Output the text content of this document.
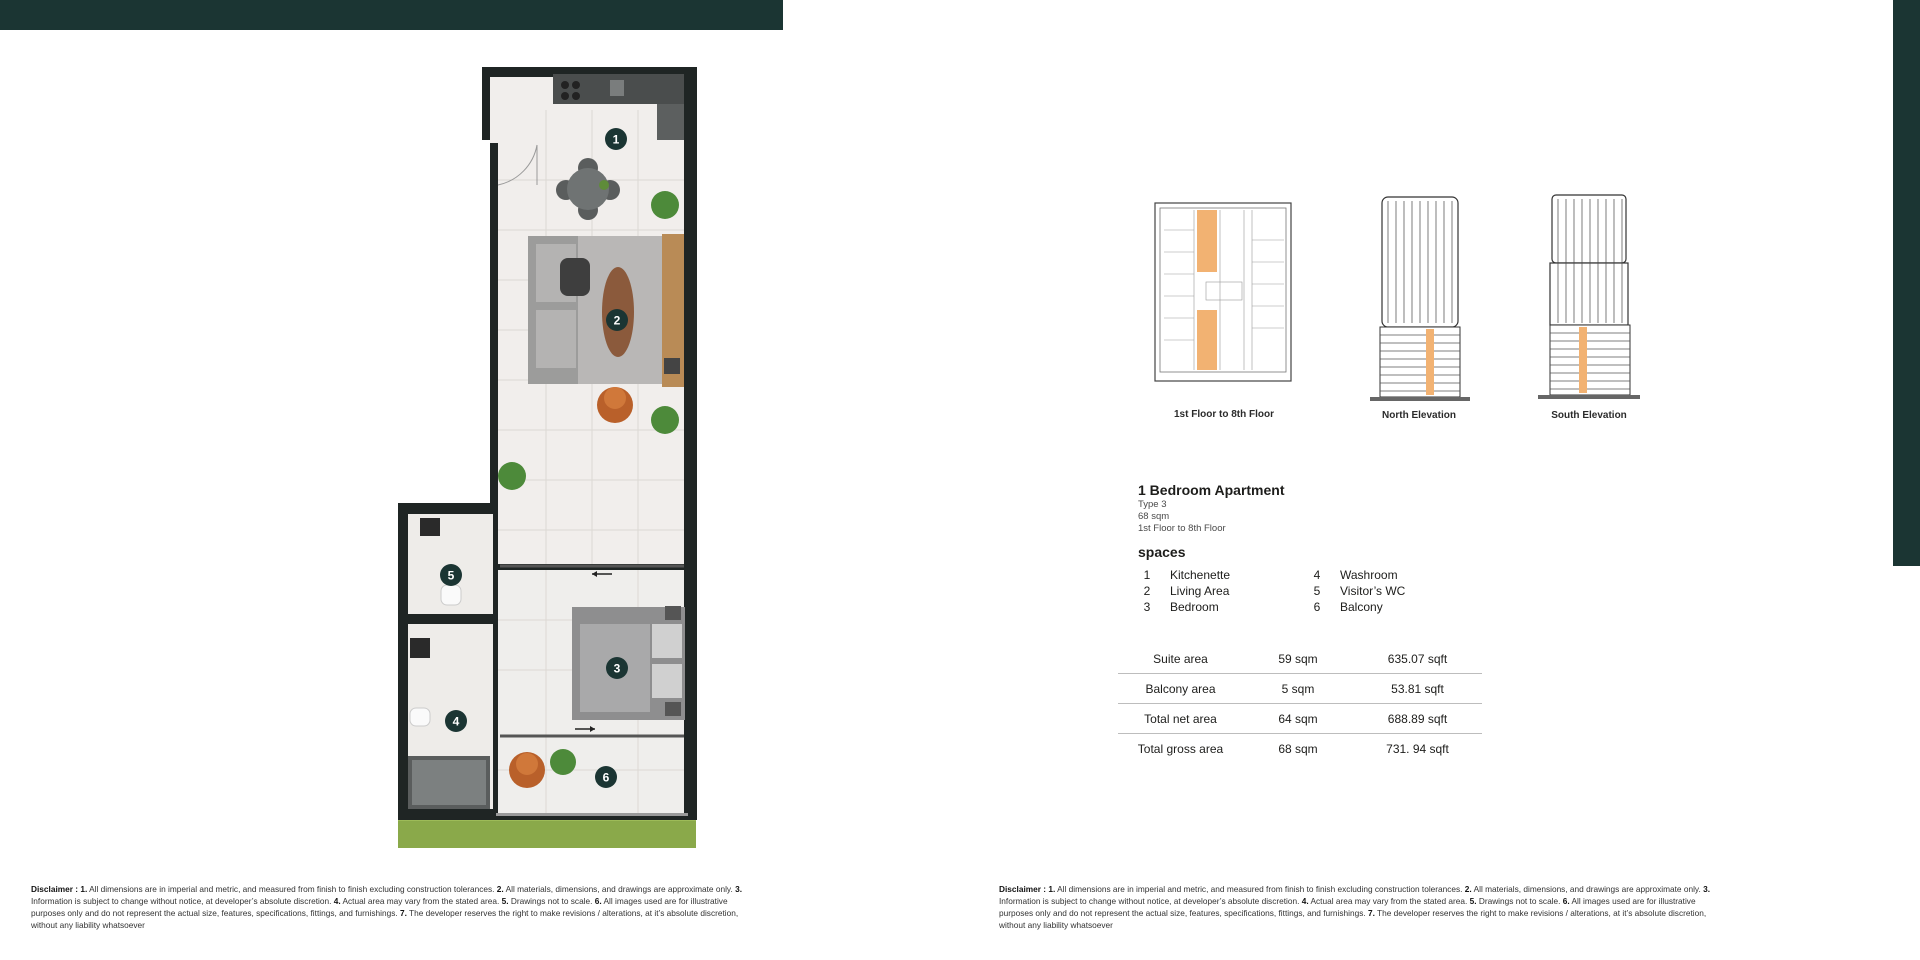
1
2
3
4
5
6
1st Floor to 8th Floor	North Elevation	South Elevation
1 Bedroom Apartment
Type 3
68 sqm
1st Floor to 8th Floor
spaces
1	Kitchenette
2	Living Area
3	Bedroom
4	Washroom
5	Visitor’s WC
6	Balcony
Suite area	59 sqm	635.07 sqft
Balcony area	5 sqm	53.81 sqft
Total net area	64 sqm	688.89 sqft
Total gross area	68 sqm	731. 94 sqft
Disclaimer : 1. All dimensions are in imperial and metric, and measured from finish to finish excluding construction tolerances. 2. All materials, dimensions, and drawings are approximate only. 3. Information is subject to change without notice, at developer’s absolute discretion. 4. Actual area may vary from the stated area. 5. Drawings not to scale. 6. All images used are for illustrative purposes only and do not represent the actual size, features, specifications, fittings, and furnishings. 7. The developer reserves the right to make revisions / alterations, at it’s absolute discretion, without any liability whatsoever
Disclaimer : 1. All dimensions are in imperial and metric, and measured from finish to finish excluding construction tolerances. 2. All materials, dimensions, and drawings are approximate only. 3. Information is subject to change without notice, at developer’s absolute discretion. 4. Actual area may vary from the stated area. 5. Drawings not to scale. 6. All images used are for illustrative purposes only and do not represent the actual size, features, specifications, fittings, and furnishings. 7. The developer reserves the right to make revisions / alterations, at it’s absolute discretion, without any liability whatsoever
